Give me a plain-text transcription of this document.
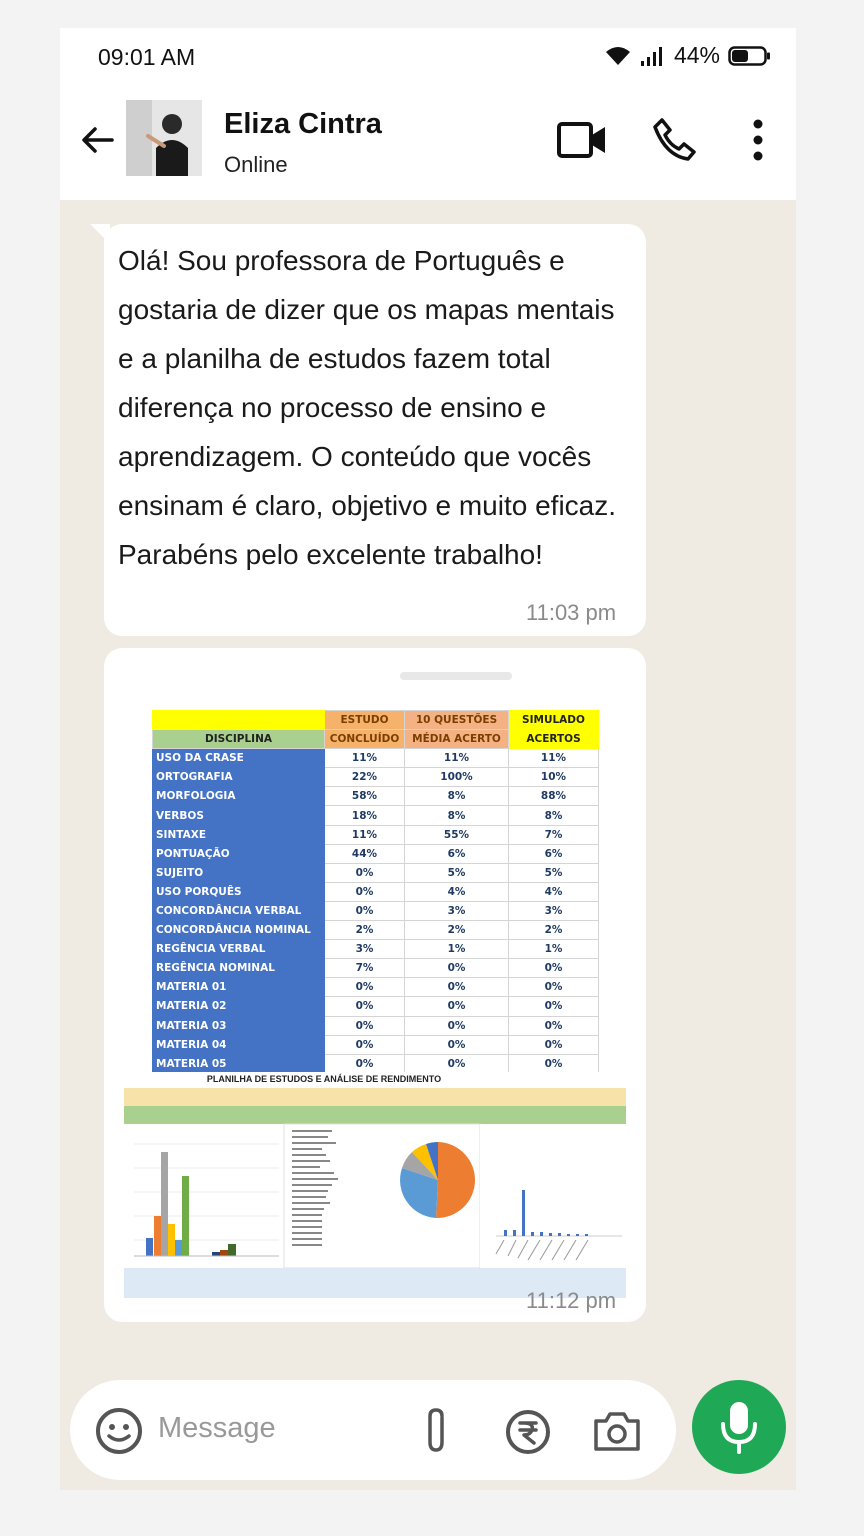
09:01 AM	44%
Eliza Cintra
Online
Olá! Sou professora de Português e gostaria de dizer que os mapas mentais e a planilha de estudos fazem total diferença no processo de ensino e aprendizagem. O conteúdo que vocês ensinam é claro, objetivo e muito eficaz. Parabéns pelo excelente trabalho!
11:03 pm
	ESTUDO	10 QUESTÕES	SIMULADO
DISCIPLINA	CONCLUÍDO	MÉDIA ACERTO	ACERTOS
USO DA CRASE	11%	11%	11%
ORTOGRAFIA	22%	100%	10%
MORFOLOGIA	58%	8%	88%
VERBOS	18%	8%	8%
SINTAXE	11%	55%	7%
PONTUAÇÃO	44%	6%	6%
SUJEITO	0%	5%	5%
USO PORQUÊS	0%	4%	4%
CONCORDÂNCIA VERBAL	0%	3%	3%
CONCORDÂNCIA NOMINAL	2%	2%	2%
REGÊNCIA VERBAL	3%	1%	1%
REGÊNCIA NOMINAL	7%	0%	0%
MATERIA 01	0%	0%	0%
MATERIA 02	0%	0%	0%
MATERIA 03	0%	0%	0%
MATERIA 04	0%	0%	0%
MATERIA 05	0%	0%	0%
PLANILHA DE ESTUDOS E ANÁLISE DE RENDIMENTO
11:12 pm
Message
